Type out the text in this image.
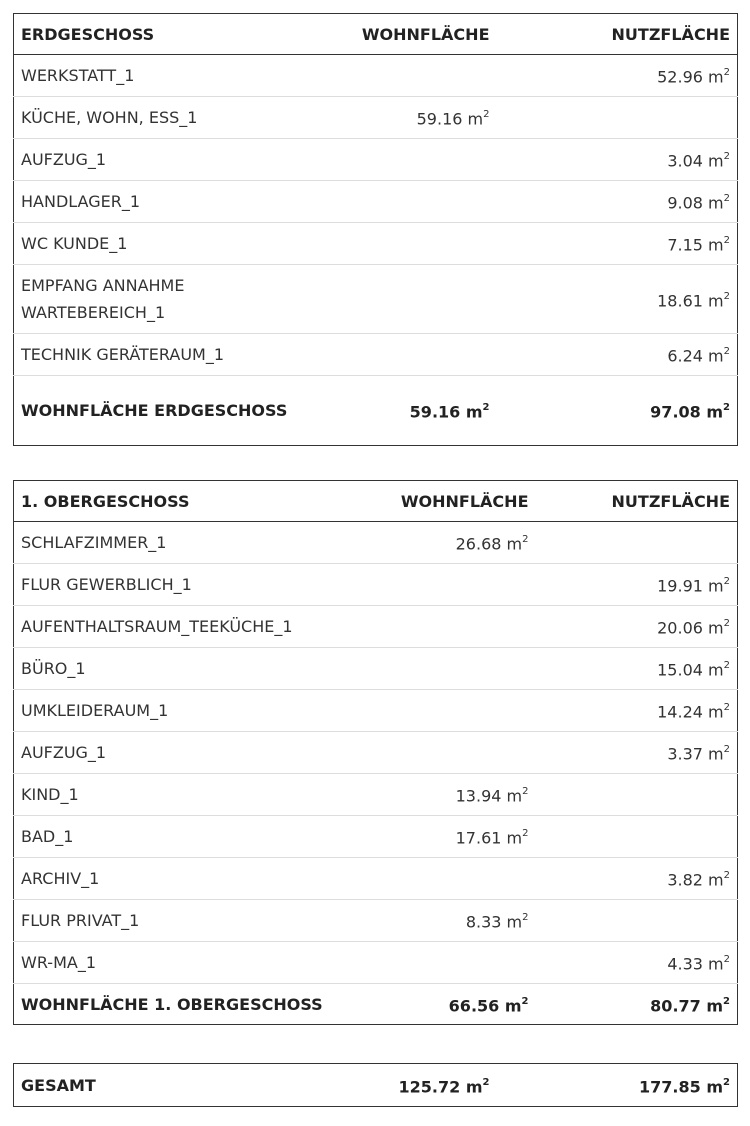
ERDGESCHOSS	WOHNFLÄCHE	NUTZFLÄCHE
WERKSTATT_1		52.96 $m^2$
KÜCHE, WOHN, ESS_1	59.16 $m^2$	
AUFZUG_1		3.04 $m^2$
HANDLAGER_1		9.08 $m^2$
WC KUNDE_1		7.15 $m^2$
EMPFANG ANNAHME WARTEBEREICH_1		18.61 $m^2$
TECHNIK GERÄTERAUM_1		6.24 $m^2$
WOHNFLÄCHE ERDGESCHOSS	59.16 $m^2$	97.08 $m^2$
1. OBERGESCHOSS	WOHNFLÄCHE	NUTZFLÄCHE
SCHLAFZIMMER_1	26.68 $m^2$	
FLUR GEWERBLICH_1		19.91 $m^2$
AUFENTHALTSRAUM_TEEKÜCHE_1		20.06 $m^2$
BÜRO_1		15.04 $m^2$
UMKLEIDERAUM_1		14.24 $m^2$
AUFZUG_1		3.37 $m^2$
KIND_1	13.94 $m^2$	
BAD_1	17.61 $m^2$	
ARCHIV_1		3.82 $m^2$
FLUR PRIVAT_1	8.33 $m^2$	
WR-MA_1		4.33 $m^2$
WOHNFLÄCHE 1. OBERGESCHOSS	66.56 $m^2$	80.77 $m^2$
GESAMT	125.72 $m^2$	177.85 $m^2$
